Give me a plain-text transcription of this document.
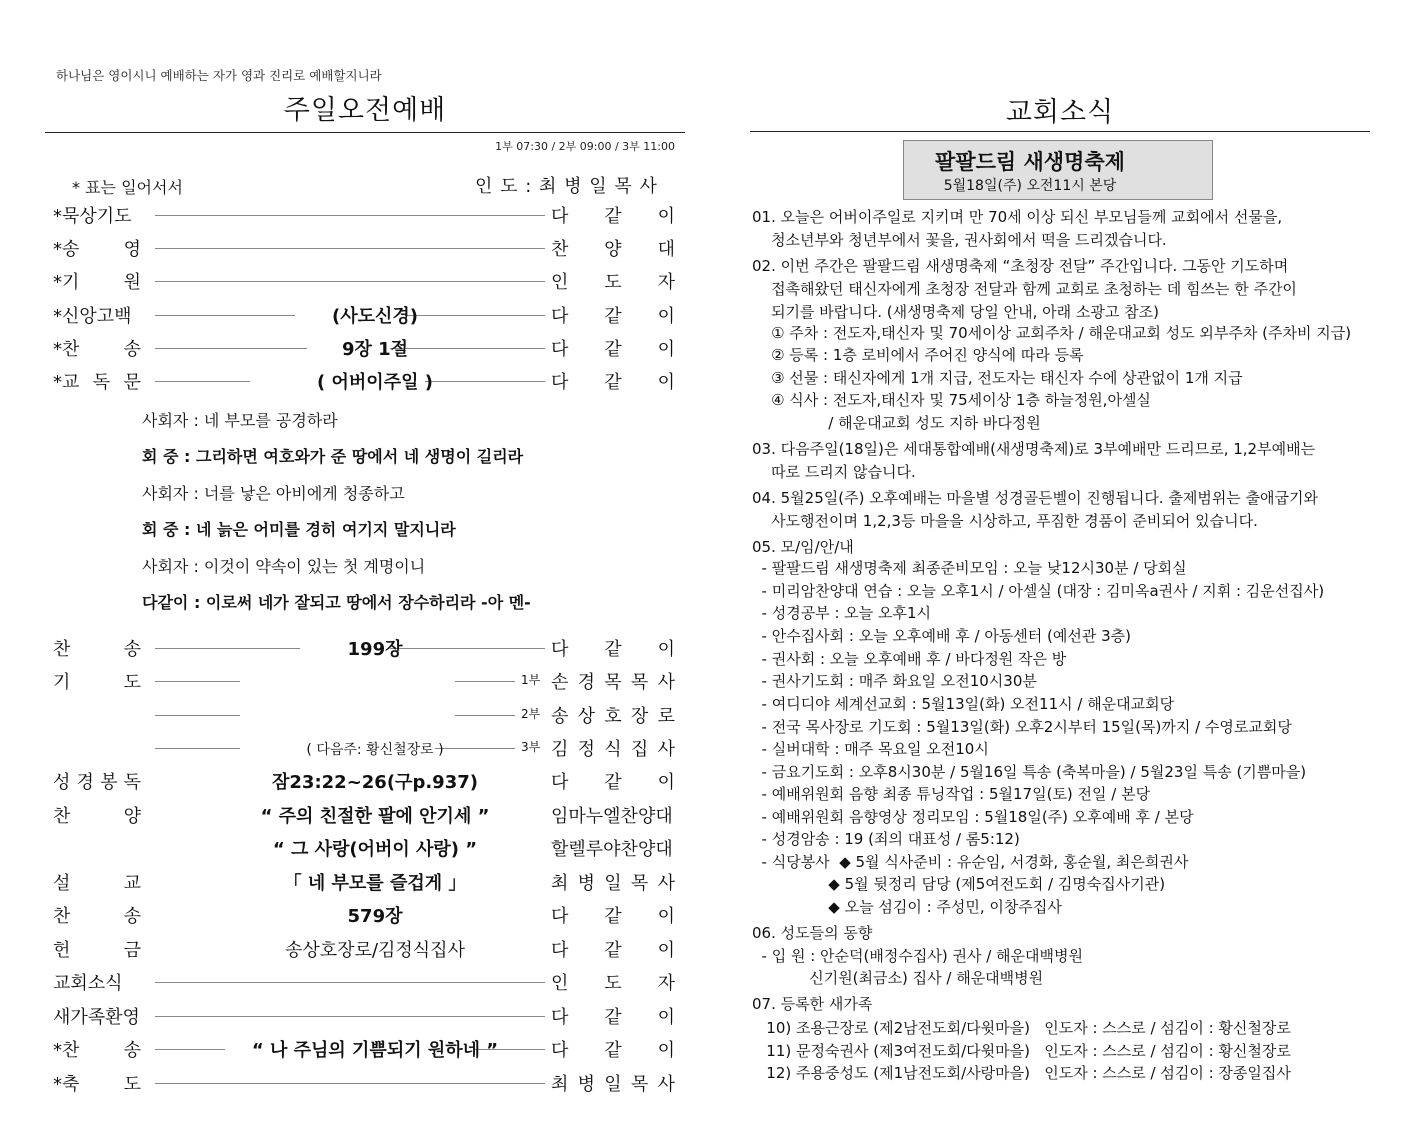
하나님은 영이시니 예배하는 자가 영과 진리로 예배할지니라
주일오전예배
1부 07:30 / 2부 09:00 / 3부 11:00
* 표는 일어서서	인 도 : 최 병 일 목 사
*묵상기도	다 같 이
*송 영	찬 양 대
*기 원	인 도 자
*신앙고백	(사도신경)	다 같 이
*찬 송	9장 1절	다 같 이
*교 독 문	( 어버이주일 )	다 같 이
찬	송	199장	다 같 이
기	도	1부 손 경 목 목 사
2부 송 상 호 장 로
( 다음주: 황신철장로 )	3부 김 정 식 집 사
성 경 봉 독	잠23:22~26(구p.937)	다 같 이
찬	양	“ 주의 친절한 팔에 안기세 ”	임마누엘찬양대
“ 그 사랑(어버이 사랑) ”	할렐루야찬양대
설	교	「 네 부모를 즐겁게 」	최 병 일 목 사
찬	송	579장	다 같 이
헌	금	송상호장로/김정식집사	다 같 이
교회소식	인 도 자
새가족환영	다 같 이
*찬 송	“ 나 주님의 기쁨되기 원하네 ”	다 같 이
*축 도	최 병 일 목 사
사회자 : 네 부모를 공경하라
회 중 : 그리하면 여호와가 준 땅에서 네 생명이 길리라
사회자 : 너를 낳은 아비에게 청종하고
회 중 : 네 늙은 어미를 경히 여기지 말지니라
사회자 : 이것이 약속이 있는 첫 계명이니
다같이 : 이로써 네가 잘되고 땅에서 장수하리라 -아 멘-
교회소식
팔팔드림 새생명축제
5월18일(주) 오전11시 본당
01. 오늘은 어버이주일로 지키며 만 70세 이상 되신 부모님들께 교회에서 선물을,
청소년부와 청년부에서 꽃을, 권사회에서 떡을 드리겠습니다.
02. 이번 주간은 팔팔드림 새생명축제 “초청장 전달” 주간입니다. 그동안 기도하며
접촉해왔던 태신자에게 초청장 전달과 함께 교회로 초청하는 데 힘쓰는 한 주간이
되기를 바랍니다. (새생명축제 당일 안내, 아래 소광고 참조)
① 주차 : 전도자,태신자 및 70세이상 교회주차 / 해운대교회 성도 외부주차 (주차비 지급)
② 등록 : 1층 로비에서 주어진 양식에 따라 등록
③ 선물 : 태신자에게 1개 지급, 전도자는 태신자 수에 상관없이 1개 지급
④ 식사 : 전도자,태신자 및 75세이상 1층 하늘정원,아셀실
/ 해운대교회 성도 지하 바다정원
03. 다음주일(18일)은 세대통합예배(새생명축제)로 3부예배만 드리므로, 1,2부예배는
따로 드리지 않습니다.
04. 5월25일(주) 오후예배는 마을별 성경골든벨이 진행됩니다. 출제범위는 출애굽기와
사도행전이며 1,2,3등 마을을 시상하고, 푸짐한 경품이 준비되어 있습니다.
05. 모/임/안/내
- 팔팔드림 새생명축제 최종준비모임 : 오늘 낮12시30분 / 당회실
- 미리암찬양대 연습 : 오늘 오후1시 / 아셀실 (대장 : 김미옥a권사 / 지휘 : 김운선집사)
- 성경공부 : 오늘 오후1시
- 안수집사회 : 오늘 오후예배 후 / 아동센터 (예선관 3층)
- 권사회 : 오늘 오후예배 후 / 바다정원 작은 방
- 권사기도회 : 매주 화요일 오전10시30분
- 여디디야 세계선교회 : 5월13일(화) 오전11시 / 해운대교회당
- 전국 목사장로 기도회 : 5월13일(화) 오후2시부터 15일(목)까지 / 수영로교회당
- 실버대학 : 매주 목요일 오전10시
- 금요기도회 : 오후8시30분 / 5월16일 특송 (축복마을) / 5월23일 특송 (기쁨마을)
- 예배위원회 음향 최종 튜닝작업 : 5월17일(토) 전일 / 본당
- 예배위원회 음향영상 정리모임 : 5월18일(주) 오후예배 후 / 본당
- 성경암송 : 19 (죄의 대표성 / 롬5:12)
- 식당봉사  ◆ 5월 식사준비 : 유순임, 서경화, 홍순월, 최은희권사
◆ 5월 뒷정리 담당 (제5여전도회 / 김명숙집사기관)
◆ 오늘 섬김이 : 주성민, 이창주집사
06. 성도들의 동향
- 입 원 : 안순덕(배정수집사) 권사 / 해운대백병원
신기원(최금소) 집사 / 해운대백병원
07. 등록한 새가족
10) 조용근장로 (제2남전도회/다윗마을)   인도자 : 스스로 / 섬김이 : 황신철장로
11) 문정숙권사 (제3여전도회/다윗마을)   인도자 : 스스로 / 섬김이 : 황신철장로
12) 주용중성도 (제1남전도회/사랑마을)   인도자 : 스스로 / 섬김이 : 장종일집사
